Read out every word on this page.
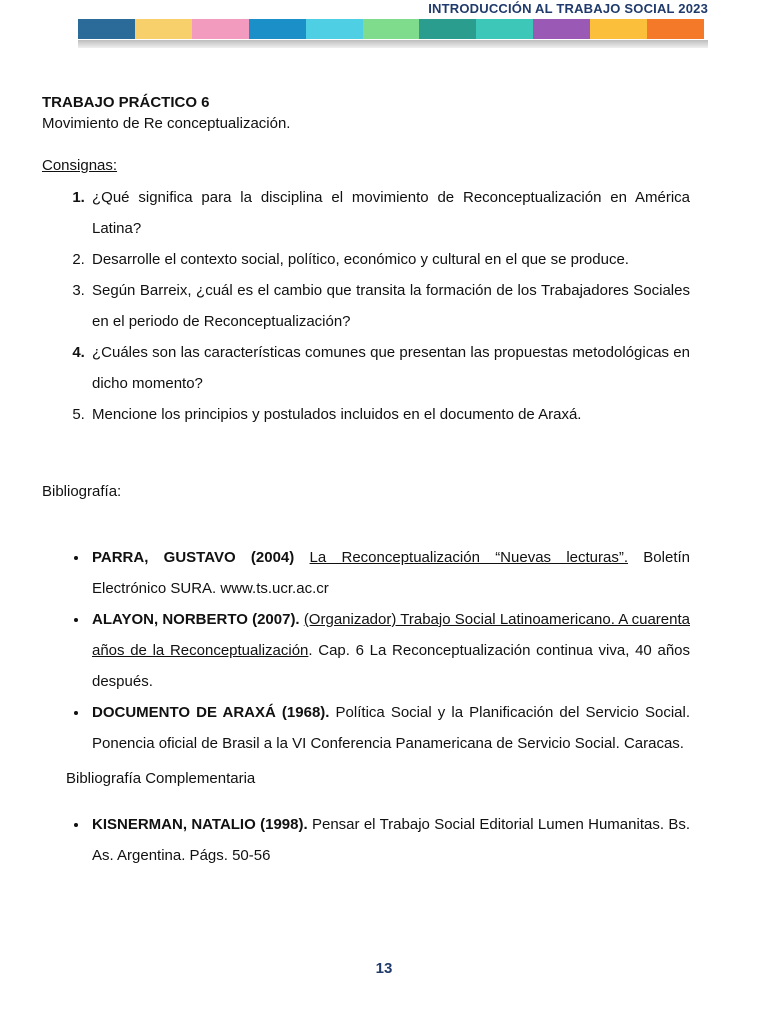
INTRODUCCIÓN AL TRABAJO SOCIAL 2023
TRABAJO PRÁCTICO 6
Movimiento de Re conceptualización.
Consignas:
1. ¿Qué significa para la disciplina el movimiento de Reconceptualización en América Latina?
2. Desarrolle el contexto social, político, económico y cultural en el que se produce.
3. Según Barreix, ¿cuál es el cambio que transita la formación de los Trabajadores Sociales en el periodo de Reconceptualización?
4. ¿Cuáles son las características comunes que presentan las propuestas metodológicas en dicho momento?
5. Mencione los principios y postulados incluidos en el documento de Araxá.
Bibliografía:
• PARRA, GUSTAVO (2004) La Reconceptualización “Nuevas lecturas”. Boletín Electrónico SURA. www.ts.ucr.ac.cr
• ALAYON, NORBERTO (2007). (Organizador) Trabajo Social Latinoamericano. A cuarenta años de la Reconceptualización. Cap. 6 La Reconceptualización continua viva, 40 años después.
• DOCUMENTO DE ARAXÁ (1968). Política Social y la Planificación del Servicio Social. Ponencia oficial de Brasil a la VI Conferencia Panamericana de Servicio Social. Caracas.
Bibliografía Complementaria
• KISNERMAN, NATALIO (1998). Pensar el Trabajo Social Editorial Lumen Humanitas. Bs. As. Argentina. Págs. 50-56
13
